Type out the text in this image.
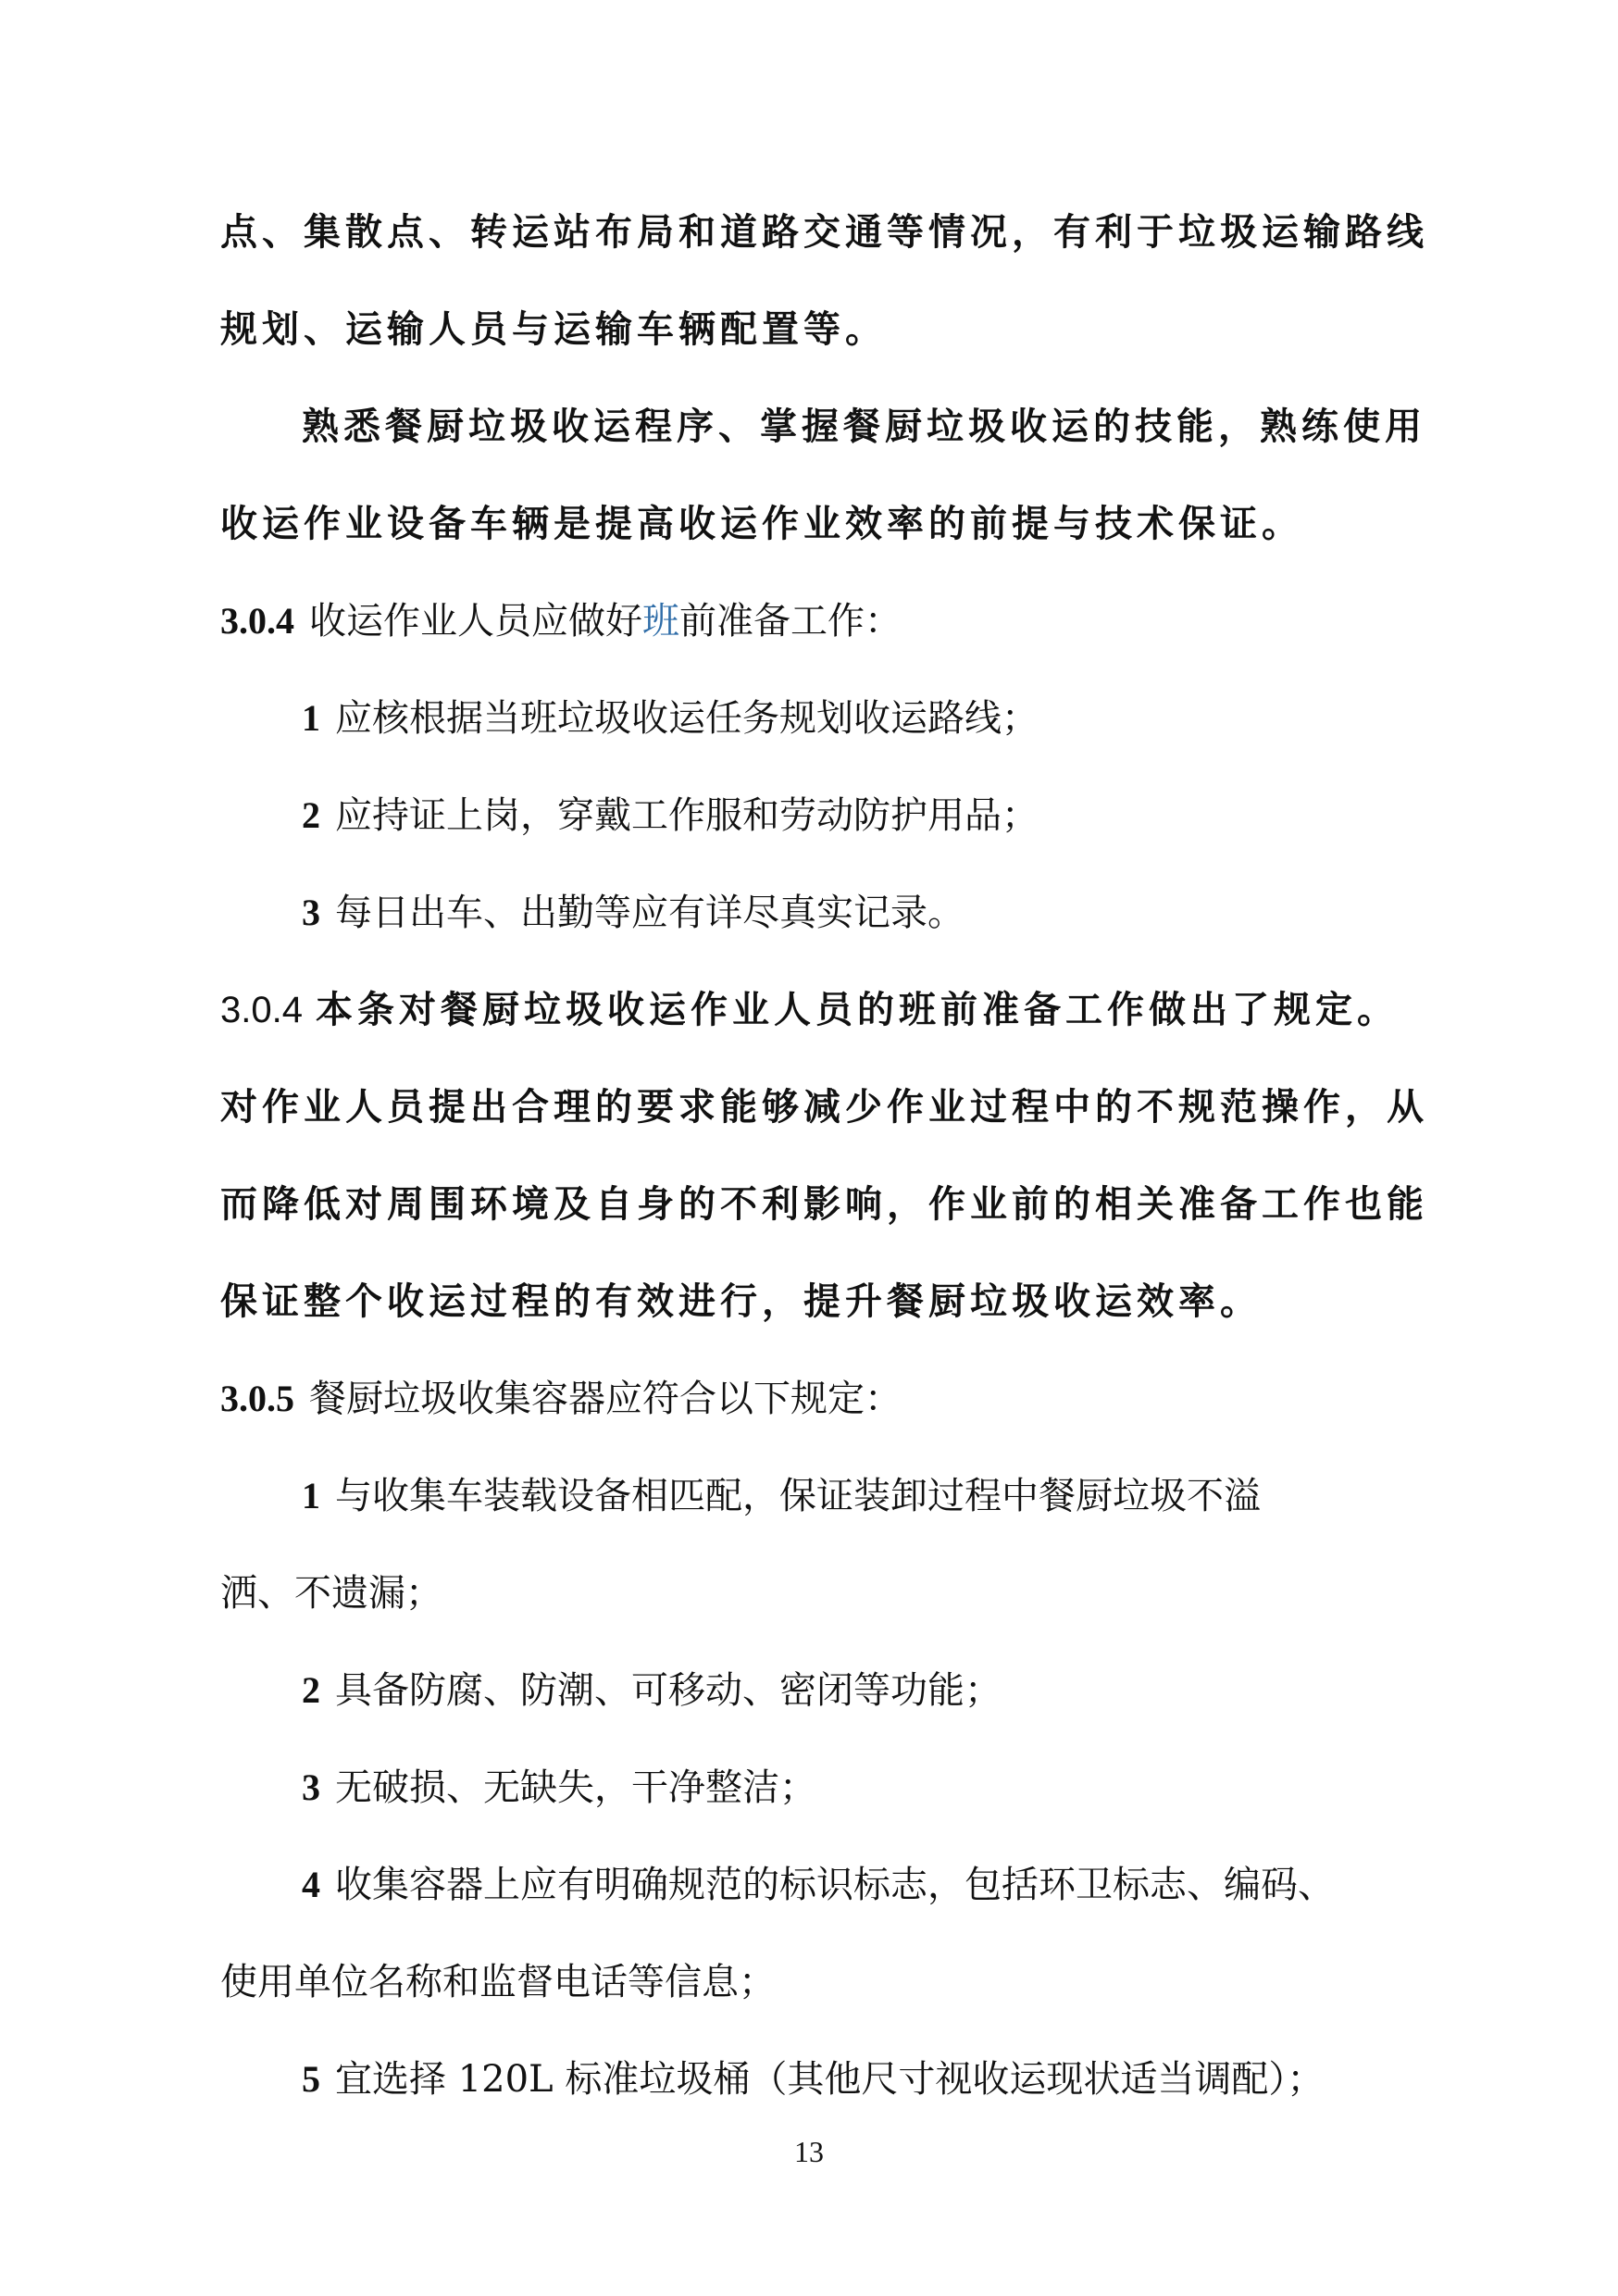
点、集散点、转运站布局和道路交通等情况，有利于垃圾运输路线
规划、运输人员与运输车辆配置等。
熟悉餐厨垃圾收运程序、掌握餐厨垃圾收运的技能，熟练使用
收运作业设备车辆是提高收运作业效率的前提与技术保证。
3.0.4 收运作业人员应做好班前准备工作：
1 应核根据当班垃圾收运任务规划收运路线；
2 应持证上岗，穿戴工作服和劳动防护用品；
3 每日出车、出勤等应有详尽真实记录。
3.0.4 本条对餐厨垃圾收运作业人员的班前准备工作做出了规定。
对作业人员提出合理的要求能够减少作业过程中的不规范操作，从
而降低对周围环境及自身的不利影响，作业前的相关准备工作也能
保证整个收运过程的有效进行，提升餐厨垃圾收运效率。
3.0.5 餐厨垃圾收集容器应符合以下规定：
1 与收集车装载设备相匹配，保证装卸过程中餐厨垃圾不溢
洒、不遗漏；
2 具备防腐、防潮、可移动、密闭等功能；
3 无破损、无缺失，干净整洁；
4 收集容器上应有明确规范的标识标志，包括环卫标志、编码、
使用单位名称和监督电话等信息；
5 宜选择 120L 标准垃圾桶（其他尺寸视收运现状适当调配）；
13
